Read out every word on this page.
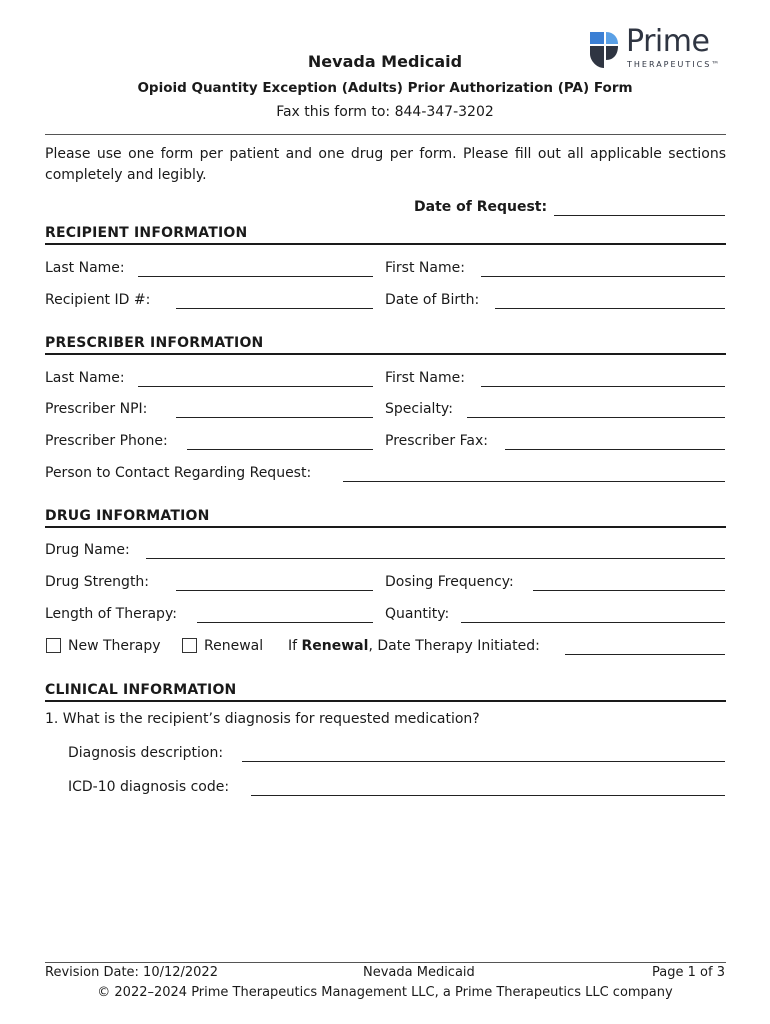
Prime
THERAPEUTICS™
Nevada Medicaid
Opioid Quantity Exception (Adults) Prior Authorization (PA) Form
Fax this form to: 844-347-3202
Please use one form per patient and one drug per form. Please fill out all applicable sections completely and legibly.
Date of Request:
RECIPIENT INFORMATION
Last Name:	First Name:
Recipient ID #:	Date of Birth:
PRESCRIBER INFORMATION
Last Name:	First Name:
Prescriber NPI:	Specialty:
Prescriber Phone:	Prescriber Fax:
Person to Contact Regarding Request:
DRUG INFORMATION
Drug Name:
Drug Strength:	Dosing Frequency:
Length of Therapy:	Quantity:
New Therapy	Renewal If Renewal, Date Therapy Initiated:
CLINICAL INFORMATION
1. What is the recipient’s diagnosis for requested medication?
Diagnosis description:
ICD-10 diagnosis code:
Revision Date: 10/12/2022	Nevada Medicaid	Page 1 of 3
© 2022–2024 Prime Therapeutics Management LLC, a Prime Therapeutics LLC company
